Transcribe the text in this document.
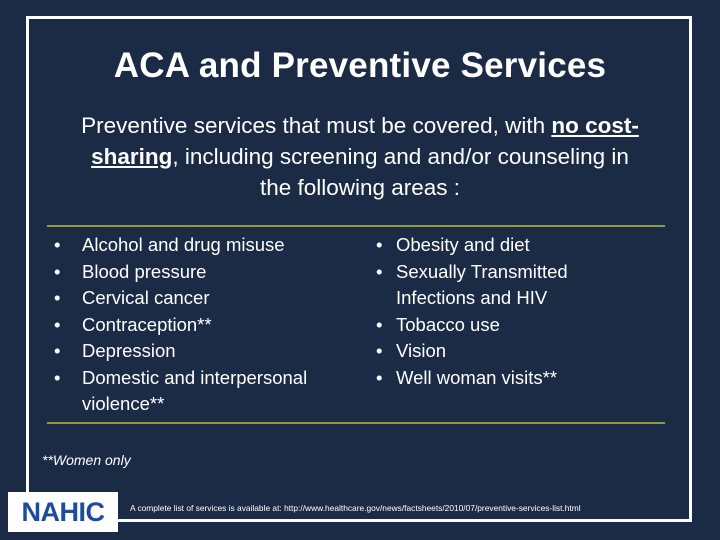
ACA and Preventive Services
Preventive services that must be covered, with no cost-sharing, including screening and and/or counseling in the following areas :
• Alcohol and drug misuse
• Blood pressure
• Cervical cancer
• Contraception**
• Depression
• Domestic and interpersonal violence**
• Obesity and diet
• Sexually Transmitted Infections and HIV
• Tobacco use
• Vision
• Well woman visits**
**Women only
NAHIC	A complete list of services is available at: http://www.healthcare.gov/news/factsheets/2010/07/preventive-services-list.html
